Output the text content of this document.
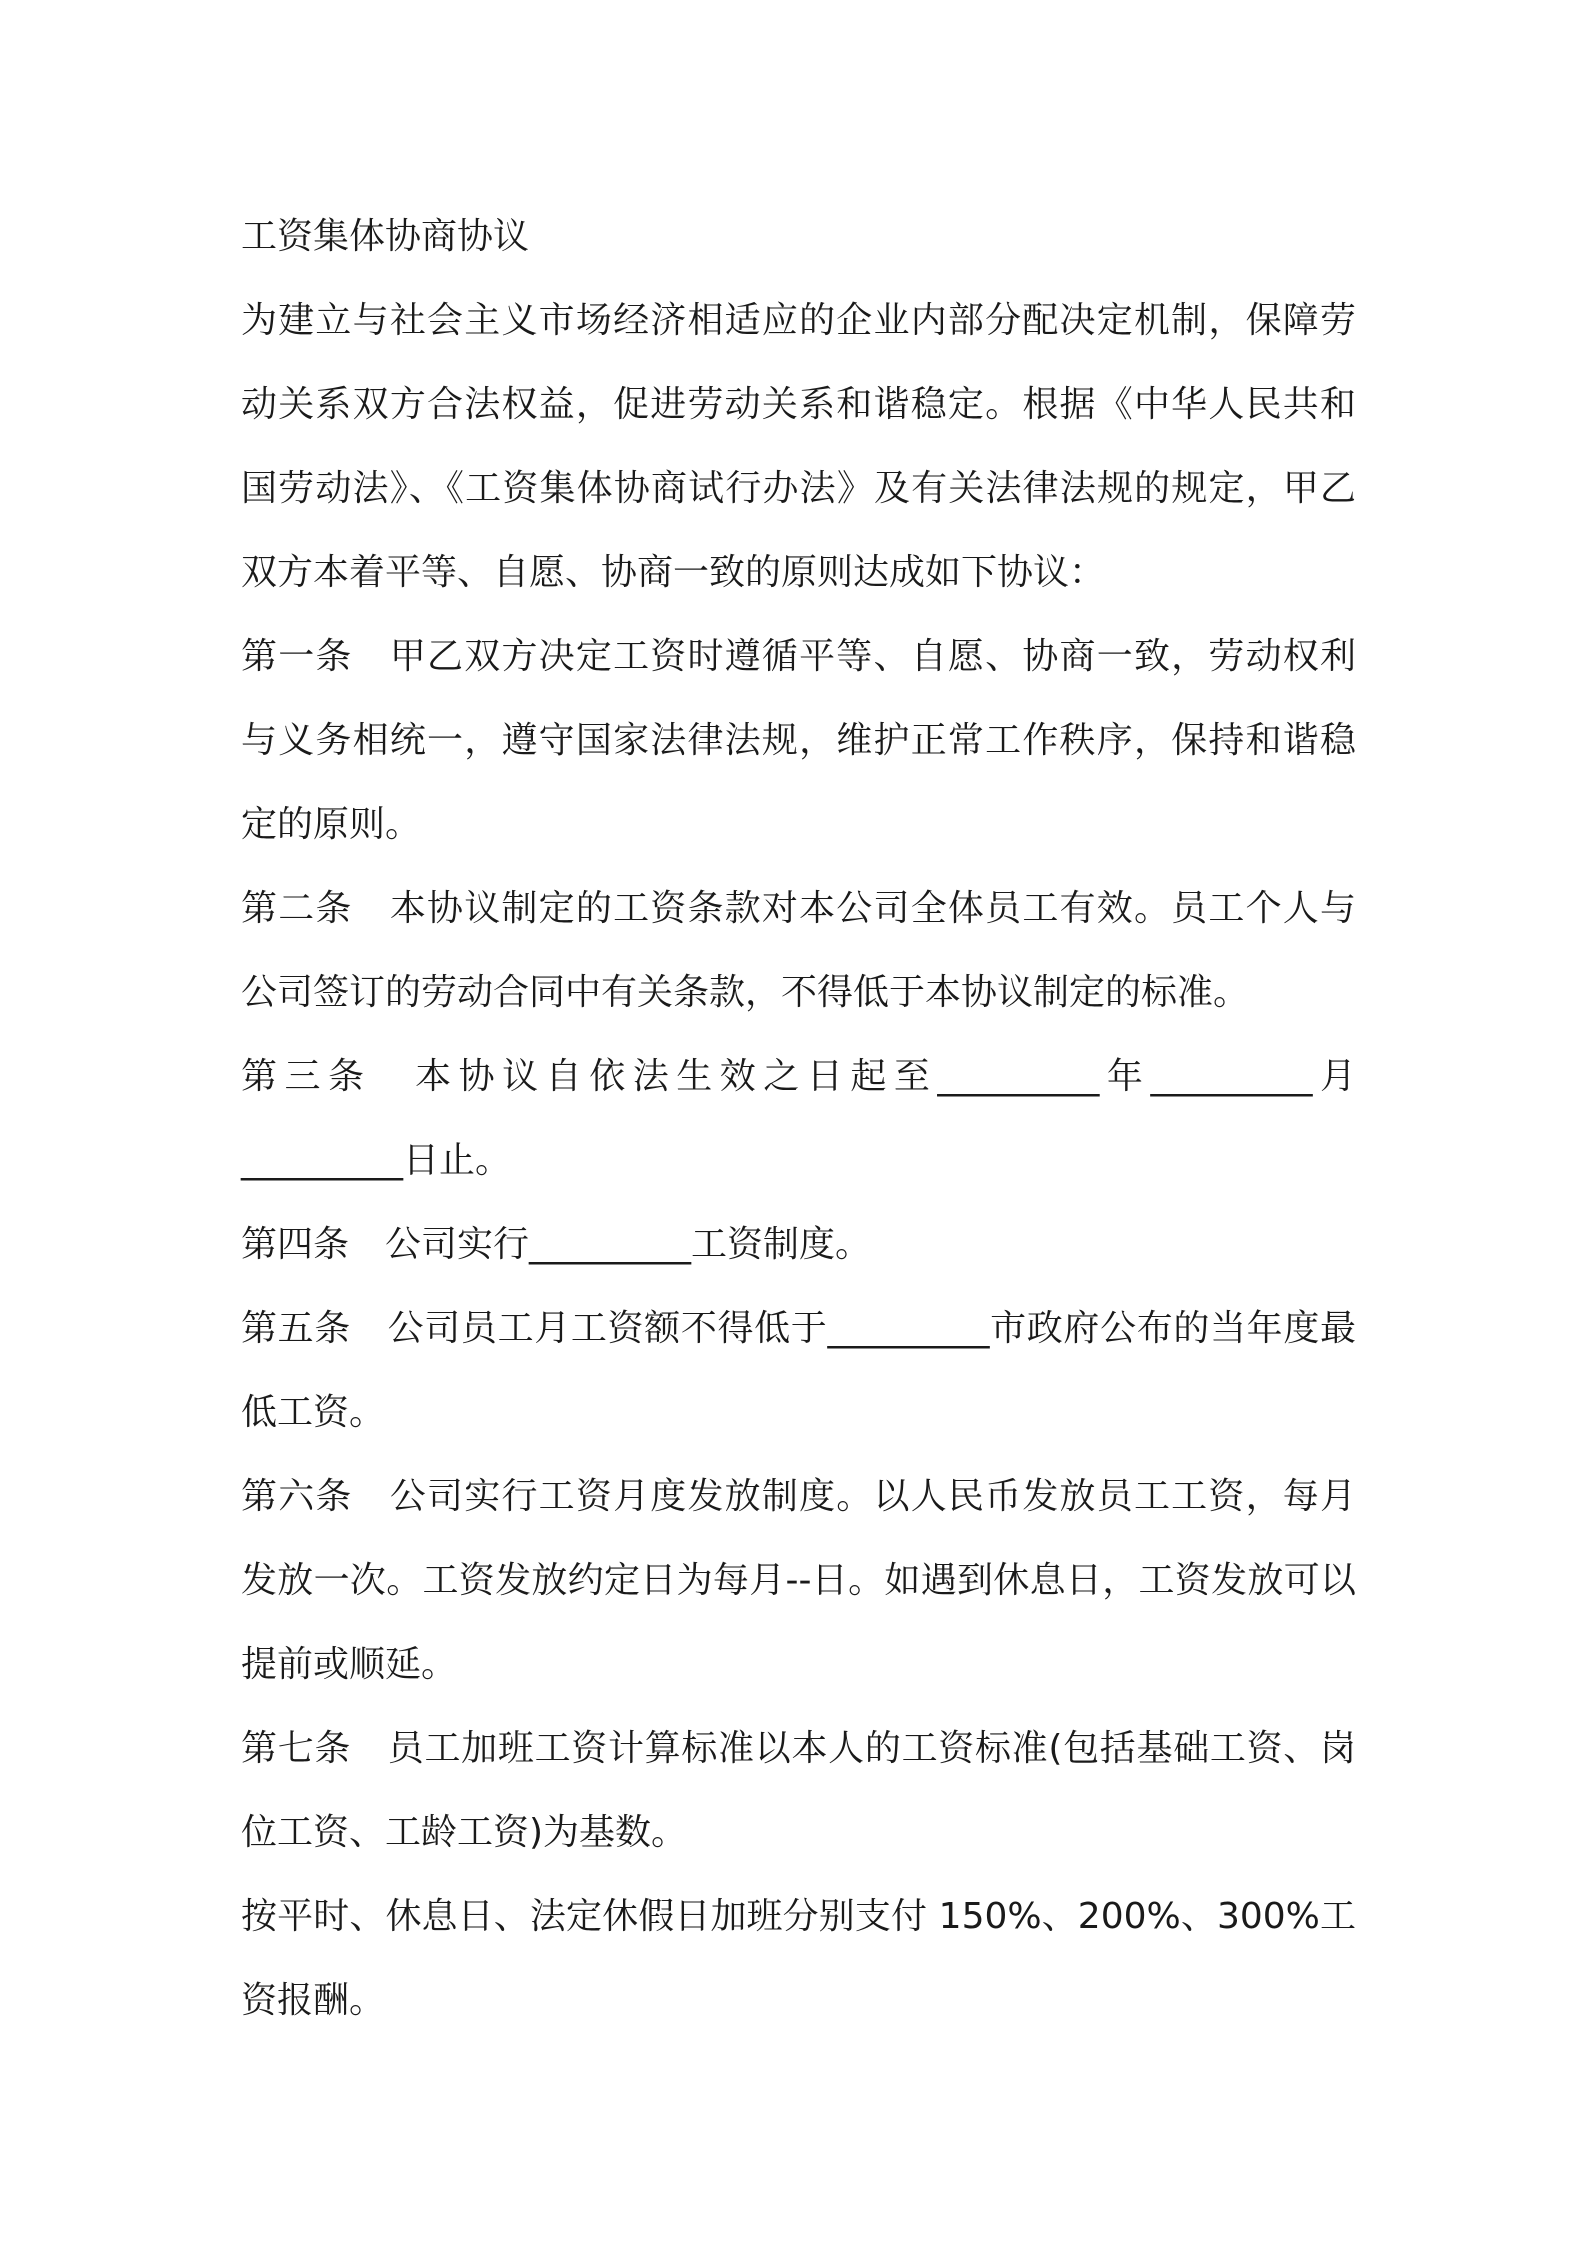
工资集体协商协议

为建立与社会主义市场经济相适应的企业内部分配决定机制，保障劳动关系双方合法权益，促进劳动关系和谐稳定。根据《中华人民共和国劳动法》、《工资集体协商试行办法》及有关法律法规的规定，甲乙双方本着平等、自愿、协商一致的原则达成如下协议：

第一条　甲乙双方决定工资时遵循平等、自愿、协商一致，劳动权利与义务相统一，遵守国家法律法规，维护正常工作秩序，保持和谐稳定的原则。

第二条　本协议制定的工资条款对本公司全体员工有效。员工个人与公司签订的劳动合同中有关条款，不得低于本协议制定的标准。

第三条　本协议自依法生效之日起至_________年_________月_________日止。

第四条　公司实行_________工资制度。

第五条　公司员工月工资额不得低于_________市政府公布的当年度最低工资。

第六条　公司实行工资月度发放制度。以人民币发放员工工资，每月发放一次。工资发放约定日为每月--日。如遇到休息日，工资发放可以提前或顺延。

第七条　员工加班工资计算标准以本人的工资标准(包括基础工资、岗位工资、工龄工资)为基数。

按平时、休息日、法定休假日加班分别支付 150%、200%、300%工资报酬。
